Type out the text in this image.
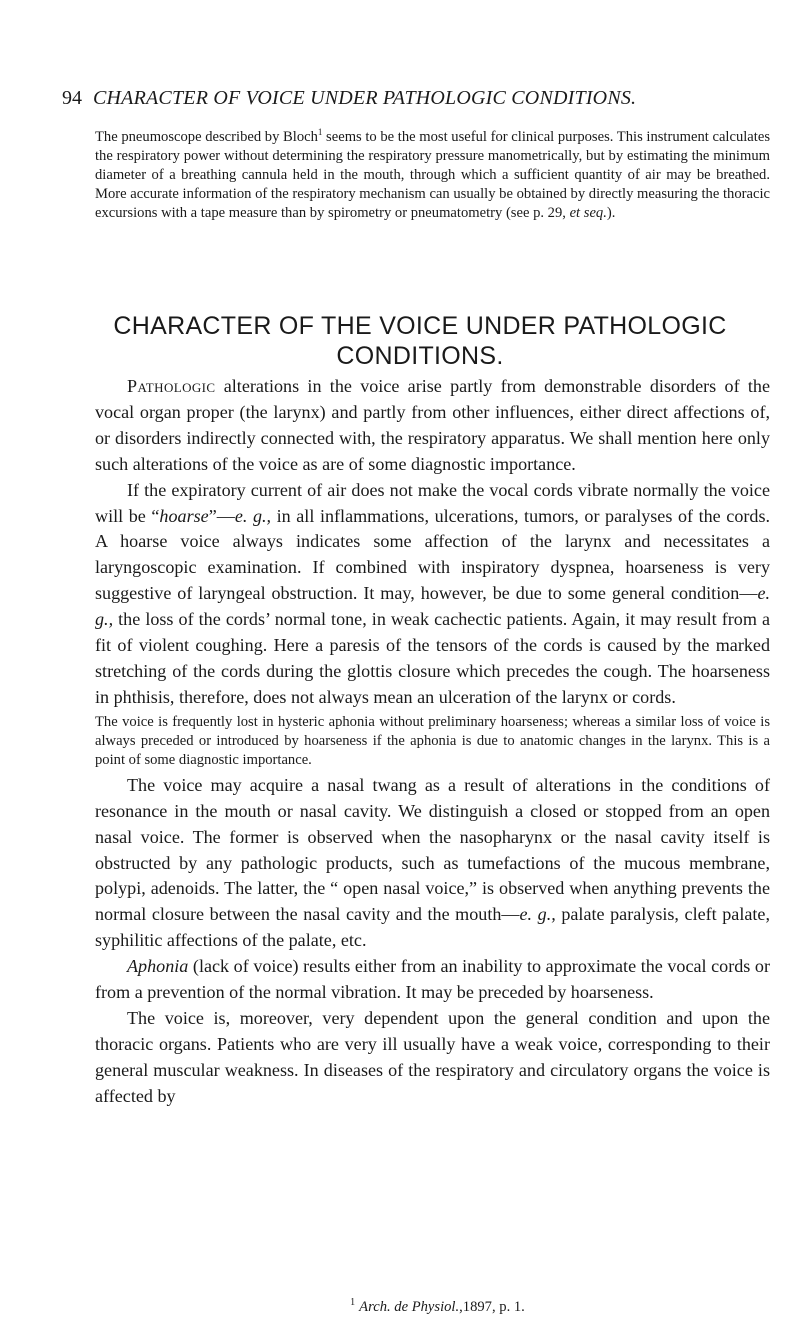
94 CHARACTER OF VOICE UNDER PATHOLOGIC CONDITIONS.

The pneumoscope described by Bloch$^1$ seems to be the most useful for clinical purposes. This instrument calculates the respiratory power without determining the respiratory pressure manometrically, but by estimating the minimum diameter of a breathing cannula held in the mouth, through which a sufficient quantity of air may be breathed. More accurate information of the respiratory mechanism can usually be obtained by directly measuring the thoracic excursions with a tape measure than by spirometry or pneumatometry (see p. 29, et seq.).

CHARACTER OF THE VOICE UNDER PATHOLOGIC CONDITIONS.

Pathologic alterations in the voice arise partly from demonstrable disorders of the vocal organ proper (the larynx) and partly from other influences, either direct affections of, or disorders indirectly connected with, the respiratory apparatus. We shall mention here only such alterations of the voice as are of some diagnostic importance.

If the expiratory current of air does not make the vocal cords vibrate normally the voice will be “hoarse”—e. g., in all inflammations, ulcerations, tumors, or paralyses of the cords. A hoarse voice always indicates some affection of the larynx and necessitates a laryngoscopic examination. If combined with inspiratory dyspnea, hoarseness is very suggestive of laryngeal obstruction. It may, however, be due to some general condition—e. g., the loss of the cords’ normal tone, in weak cachectic patients. Again, it may result from a fit of violent coughing. Here a paresis of the tensors of the cords is caused by the marked stretching of the cords during the glottis closure which precedes the cough. The hoarseness in phthisis, therefore, does not always mean an ulceration of the larynx or cords.

The voice is frequently lost in hysteric aphonia without preliminary hoarseness; whereas a similar loss of voice is always preceded or introduced by hoarseness if the aphonia is due to anatomic changes in the larynx. This is a point of some diagnostic importance.

The voice may acquire a nasal twang as a result of alterations in the conditions of resonance in the mouth or nasal cavity. We distinguish a closed or stopped from an open nasal voice. The former is observed when the nasopharynx or the nasal cavity itself is obstructed by any pathologic products, such as tumefactions of the mucous membrane, polypi, adenoids. The latter, the “ open nasal voice,” is observed when anything prevents the normal closure between the nasal cavity and the mouth—e. g., palate paralysis, cleft palate, syphilitic affections of the palate, etc.

Aphonia (lack of voice) results either from an inability to approximate the vocal cords or from a prevention of the normal vibration. It may be preceded by hoarseness.

The voice is, moreover, very dependent upon the general condition and upon the thoracic organs. Patients who are very ill usually have a weak voice, corresponding to their general muscular weakness. In diseases of the respiratory and circulatory organs the voice is affected by

$^1$ Arch. de Physiol.,1897, p. 1.
